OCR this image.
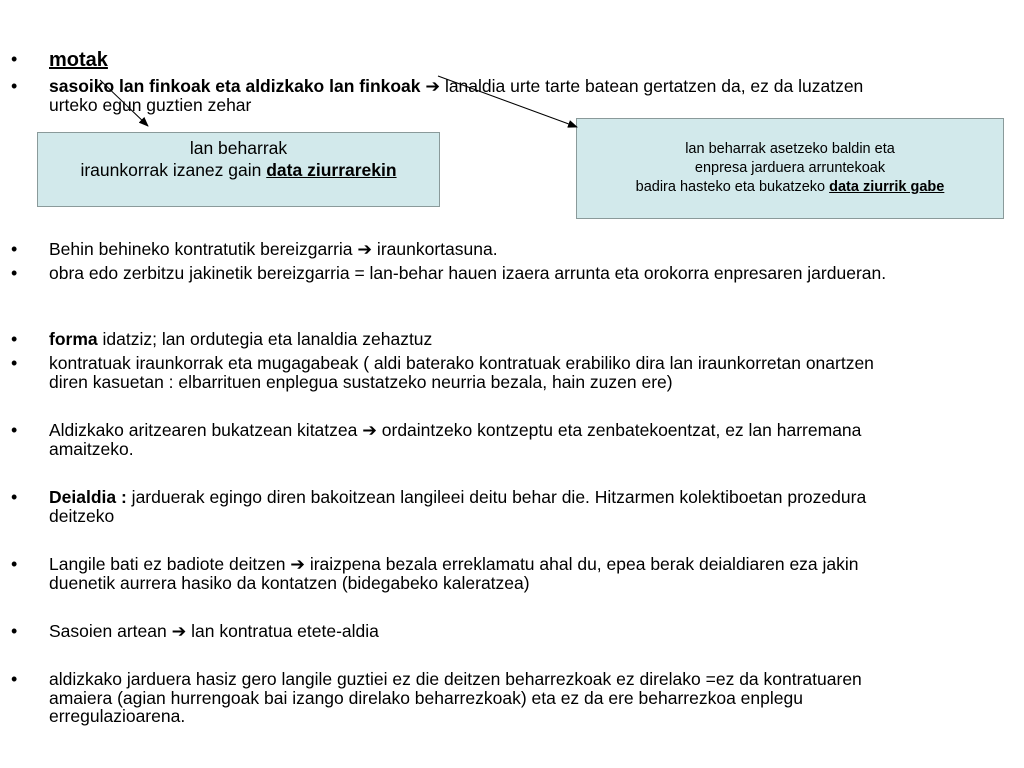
• motak
• sasoiko lan finkoak eta aldizkako lan finkoak ➔ lanaldia urte tarte batean gertatzen da, ez da luzatzen urteko egun guztien zehar
lan beharrak
iraunkorrak izanez gain data ziurrarekin
lan beharrak asetzeko baldin eta
enpresa jarduera arruntekoak
badira hasteko eta bukatzeko data ziurrik gabe
• Behin behineko kontratutik bereizgarria ➔ iraunkortasuna.
• obra edo zerbitzu jakinetik bereizgarria = lan-behar hauen izaera arrunta eta orokorra enpresaren jardueran.
• forma idatziz; lan ordutegia eta lanaldia zehaztuz
• kontratuak iraunkorrak eta mugagabeak ( aldi baterako kontratuak erabiliko dira lan iraunkorretan onartzen diren kasuetan : elbarrituen enplegua sustatzeko neurria bezala, hain zuzen ere)
• Aldizkako aritzearen bukatzean kitatzea ➔ ordaintzeko kontzeptu eta zenbatekoentzat, ez lan harremana amaitzeko.
• Deialdia : jarduerak egingo diren bakoitzean langileei deitu behar die. Hitzarmen kolektiboetan prozedura deitzeko
• Langile bati ez badiote deitzen ➔ iraizpena bezala erreklamatu ahal du, epea berak deialdiaren eza jakin duenetik aurrera hasiko da kontatzen (bidegabeko kaleratzea)
• Sasoien artean ➔ lan kontratua etete-aldia
• aldizkako jarduera hasiz gero langile guztiei ez die deitzen beharrezkoak ez direlako =ez da kontratuaren amaiera (agian hurrengoak bai izango direlako beharrezkoak) eta ez da ere beharrezkoa enplegu erregulazioarena.
